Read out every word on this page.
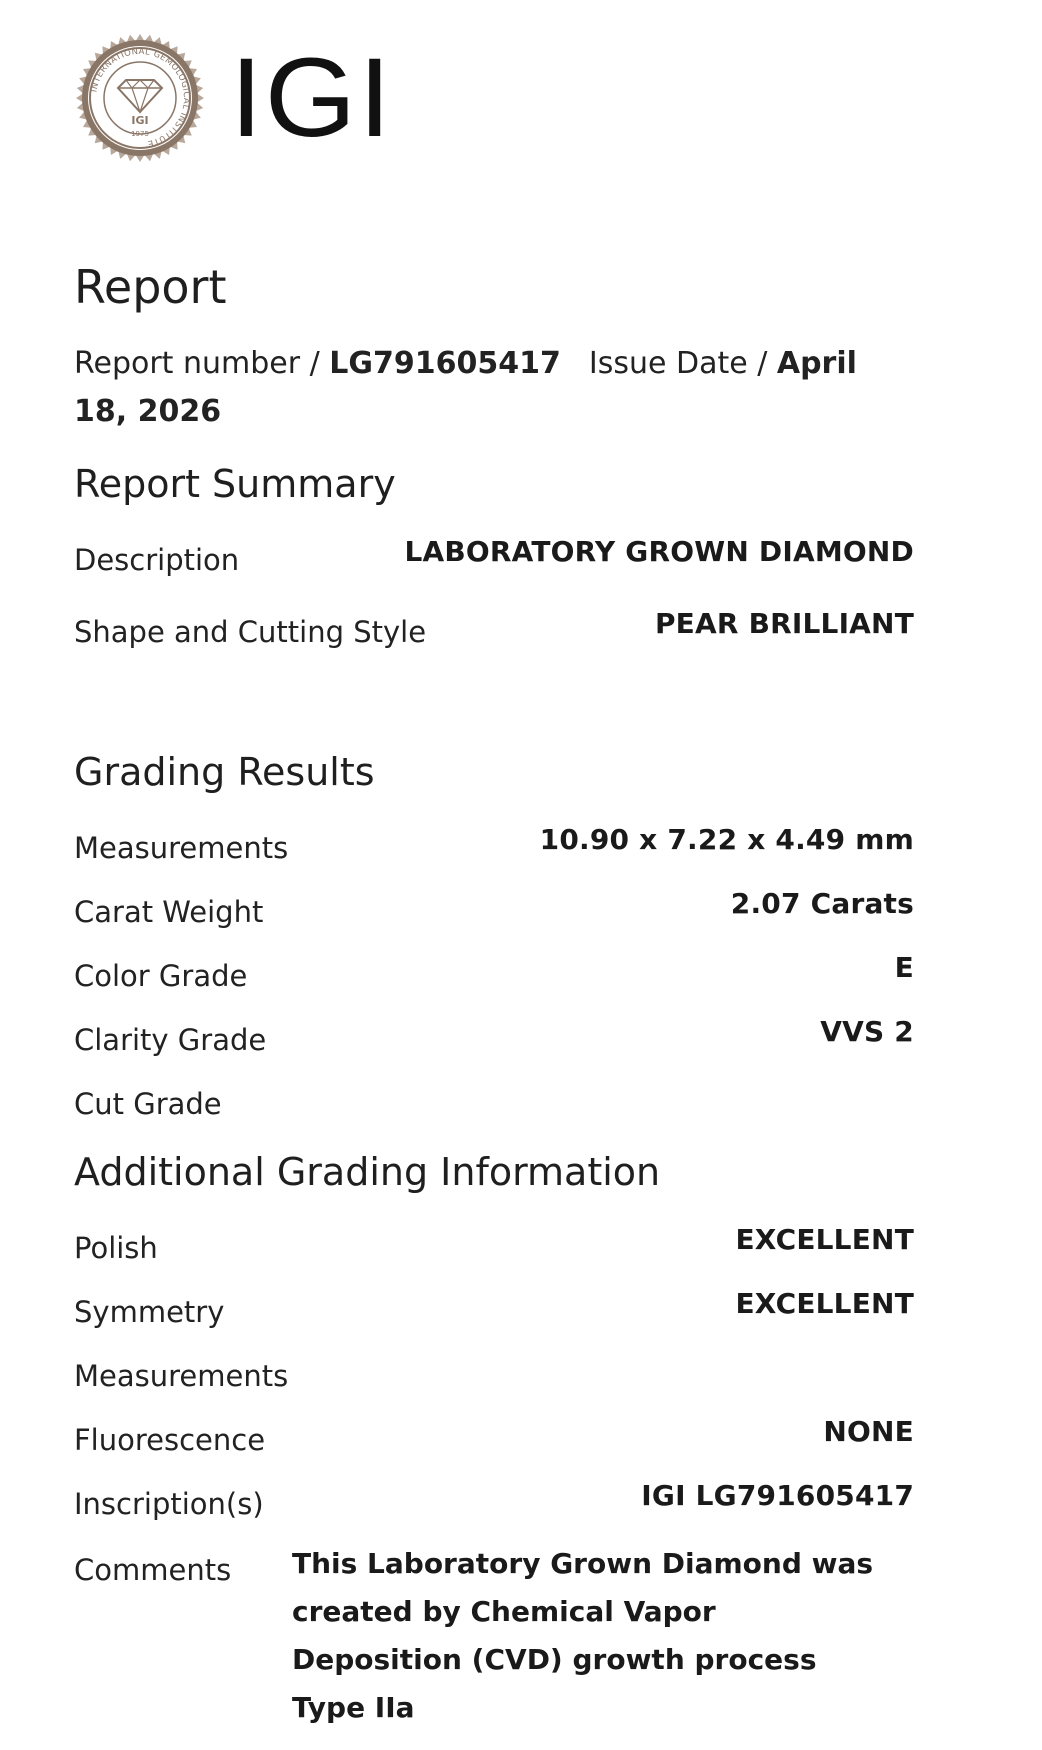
INTERNATIONAL GEMOLOGICAL INSTITUTE
IGI
1975 IGI
Report
Report number / LG791605417 Issue Date / April 18, 2026
Report Summary
Description	LABORATORY GROWN DIAMOND
Shape and Cutting Style	PEAR BRILLIANT
Grading Results
Measurements	10.90 x 7.22 x 4.49 mm
Carat Weight	2.07 Carats
Color Grade	E
Clarity Grade	VVS 2
Cut Grade
Additional Grading Information
Polish	EXCELLENT
Symmetry	EXCELLENT
Measurements
Fluorescence	NONE
Inscription(s)	IGI LG791605417
Comments This Laboratory Grown Diamond was created by Chemical Vapor Deposition (CVD) growth process Type IIa
